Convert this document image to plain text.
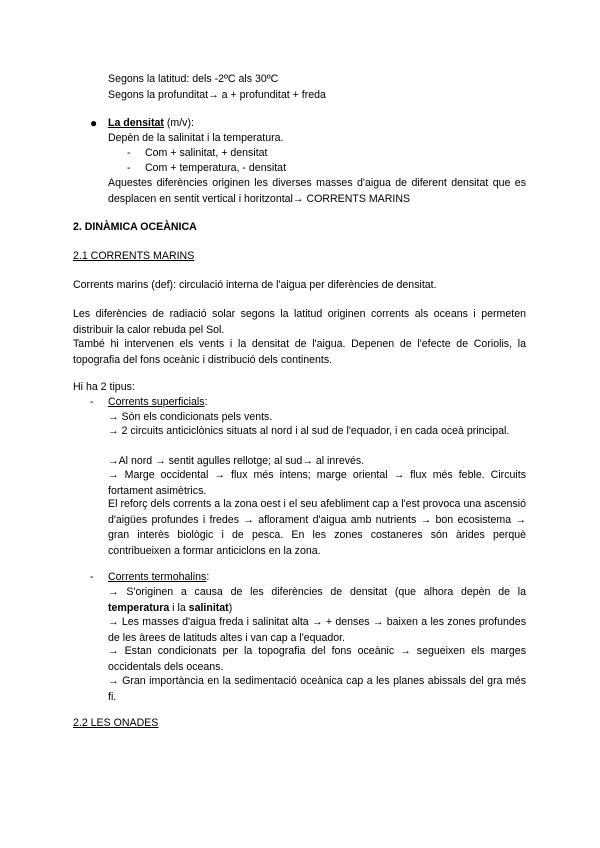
Segons la latitud: dels -2ºC als 30ºC
Segons la profunditat→ a + profunditat + freda
● La densitat (m/v):
Depèn de la salinitat i la temperatura.
- Com + salinitat, + densitat
- Com + temperatura, - densitat
Aquestes diferències originen les diverses masses d'aigua de diferent densitat que es desplacen en sentit vertical i horitzontal→ CORRENTS MARINS
2. DINÀMICA OCEÀNICA
2.1 CORRENTS MARINS
Corrents marins (def): circulació interna de l'aigua per diferències de densitat.
Les diferències de radiació solar segons la latitud originen corrents als oceans i permeten distribuir la calor rebuda pel Sol.
També hi intervenen els vents i la densitat de l'aigua. Depenen de l'efecte de Coriolis, la topografia del fons oceànic i distribució dels continents.
Hi ha 2 tipus:
- Corrents superficials:
→ Són els condicionats pels vents.
→ 2 circuits anticiclònics situats al nord i al sud de l'equador, i en cada oceà principal.
→Al nord → sentit agulles rellotge; al sud→ al inrevés.
→ Marge occidental → flux més intens; marge oriental → flux més feble. Circuits fortament asimètrics.
El reforç dels corrents a la zona oest i el seu afebliment cap a l'est provoca una ascensió d'aigües profundes i fredes → aflorament d'aigua amb nutrients → bon ecosistema → gran interès biològic i de pesca. En les zones costaneres són àrides perquè contribueixen a formar anticiclons en la zona.
- Corrents termohalins:
→ S'originen a causa de les diferències de densitat (que alhora depèn de la temperatura i la salinitat)
→ Les masses d'aigua freda i salinitat alta → + denses → baixen a les zones profundes de les àrees de latituds altes i van cap a l'equador.
→ Estan condicionats per la topografia del fons oceànic → segueixen els marges occidentals dels oceans.
→ Gran importància en la sedimentació oceànica cap a les planes abissals del gra més fi.
2.2 LES ONADES
